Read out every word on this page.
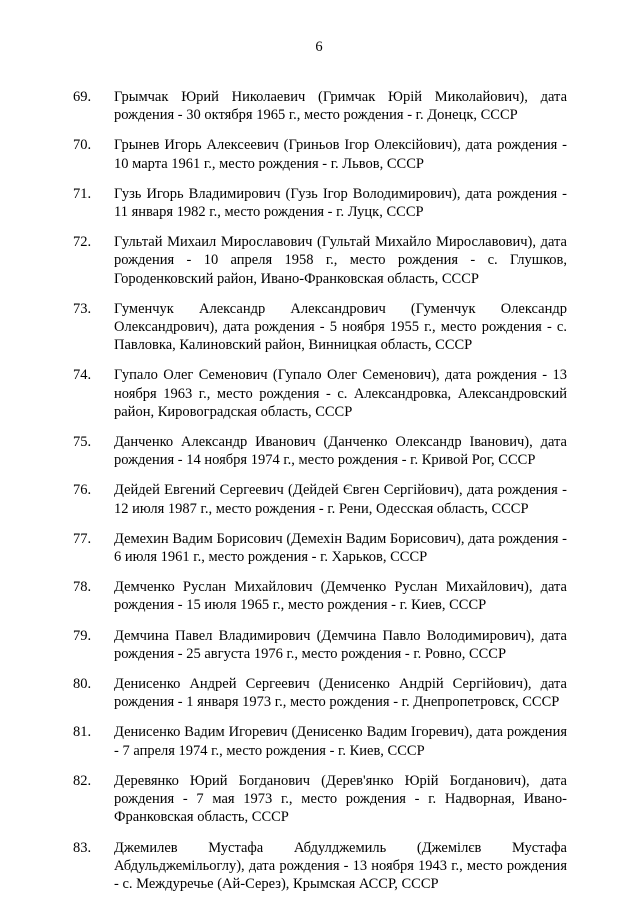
6
69.	Грымчак Юрий Николаевич (Гримчак Юрій Миколайович), дата рождения - 30 октября 1965 г., место рождения - г. Донецк, СССР
70.	Грынев Игорь Алексеевич (Гриньов Ігор Олексійович), дата рождения - 10 марта 1961 г., место рождения - г. Львов, СССР
71.	Гузь Игорь Владимирович (Гузь Ігор Володимирович), дата рождения - 11 января 1982 г., место рождения - г. Луцк, СССР
72.	Гультай Михаил Мирославович (Гультай Михайло Мирославович), дата рождения - 10 апреля 1958 г., место рождения - с. Глушков, Городенковский район, Ивано-Франковская область, СССР
73.	Гуменчук Александр Александрович (Гуменчук Олександр Олександрович), дата рождения - 5 ноября 1955 г., место рождения - с. Павловка, Калиновский район, Винницкая область, СССР
74.	Гупало Олег Семенович (Гупало Олег Семенович), дата рождения - 13 ноября 1963 г., место рождения - с. Александровка, Александровский район, Кировоградская область, СССР
75.	Данченко Александр Иванович (Данченко Олександр Іванович), дата рождения - 14 ноября 1974 г., место рождения - г. Кривой Рог, СССР
76.	Дейдей Евгений Сергеевич (Дейдей Євген Сергійович), дата рождения - 12 июля 1987 г., место рождения - г. Рени, Одесская область, СССР
77.	Демехин Вадим Борисович (Демехін Вадим Борисович), дата рождения - 6 июля 1961 г., место рождения - г. Харьков, СССР
78.	Демченко Руслан Михайлович (Демченко Руслан Михайлович), дата рождения - 15 июля 1965 г., место рождения - г. Киев, СССР
79.	Демчина Павел Владимирович (Демчина Павло Володимирович), дата рождения - 25 августа 1976 г., место рождения - г. Ровно, СССР
80.	Денисенко Андрей Сергеевич (Денисенко Андрій Сергійович), дата рождения - 1 января 1973 г., место рождения - г. Днепропетровск, СССР
81.	Денисенко Вадим Игоревич (Денисенко Вадим Ігоревич), дата рождения - 7 апреля 1974 г., место рождения - г. Киев, СССР
82.	Деревянко Юрий Богданович (Дерев'янко Юрій Богданович), дата рождения - 7 мая 1973 г., место рождения - г. Надворная, Ивано-Франковская область, СССР
83.	Джемилев Мустафа Абдулджемиль (Джемілєв Мустафа Абдульджемільоглу), дата рождения - 13 ноября 1943 г., место рождения - с. Междуречье (Ай-Серез), Крымская АССР, СССР
